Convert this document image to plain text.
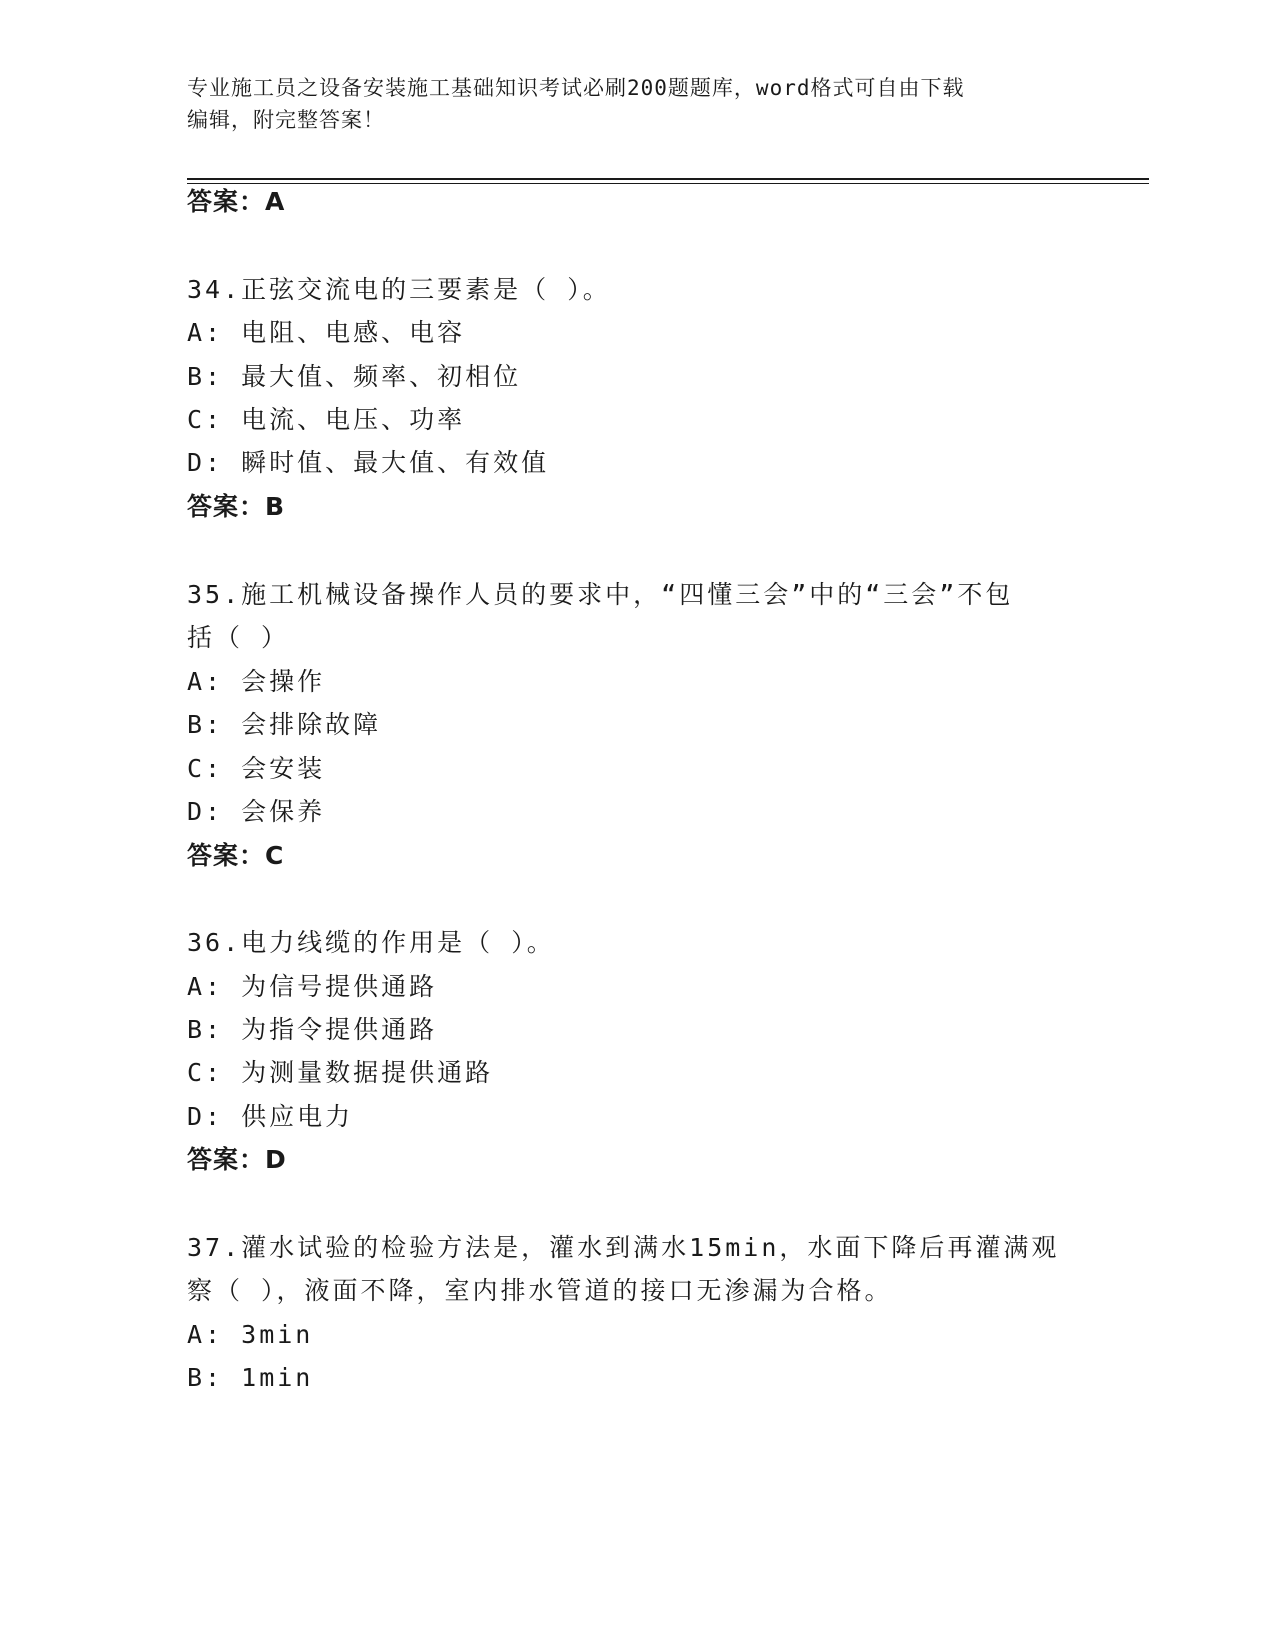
专业施工员之设备安装施工基础知识考试必刷200题题库，word格式可自由下载
编辑，附完整答案！
答案：A
34.正弦交流电的三要素是（ ）。
A: 电阻、电感、电容
B: 最大值、频率、初相位
C: 电流、电压、功率
D: 瞬时值、最大值、有效值
答案：B
35.施工机械设备操作人员的要求中，“四懂三会”中的“三会”不包
括（ ）
A: 会操作
B: 会排除故障
C: 会安装
D: 会保养
答案：C
36.电力线缆的作用是（ ）。
A: 为信号提供通路
B: 为指令提供通路
C: 为测量数据提供通路
D: 供应电力
答案：D
37.灌水试验的检验方法是，灌水到满水15min，水面下降后再灌满观
察（ ），液面不降，室内排水管道的接口无渗漏为合格。
A: 3min
B: 1min
